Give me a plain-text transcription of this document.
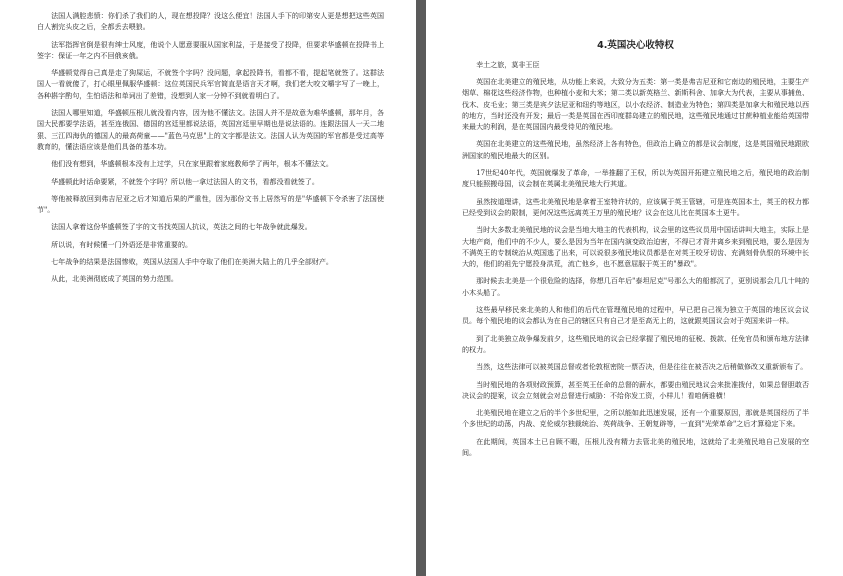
法国人满腔悲愤：你们杀了我们的人，现在想投降？没这么便宜！法国人手下的印第安人更是想把这些英国白人割完头皮之后，全都丢去喂狼。

法军指挥官倒是很有绅士风度，他说个人愿意要服从国家利益，于是接受了投降，但要求华盛顿在投降书上签字：保证一年之内不回俄亥俄。

华盛顿觉得自己真是走了狗屎运，不就签个字吗？没问题，拿起投降书，看都不看，提起笔就签了。这群法国人一看就傻了，打心眼里佩服华盛顿：这位英国民兵军官简直是语言天才啊，我们老大咬文嚼字写了一晚上，各种斟字酌句，生怕语法和单词出了差错，没想到人家一分钟不到就看明白了。

法国人哪里知道，华盛顿压根儿就没看内容，因为他不懂法文。法国人并不是故意为难华盛顿，那年月，各国大民都要学法语，甚至连俄国、德国的宫廷里都说法语，英国宫廷里早期也是说法语的。连跟法国人一天二地狠、三江四海仇的德国人的最高荷童——"蓝色马克思"上的文字都是法文。法国人认为英国的军官都是受过高等教育的，懂法语应该是他们具备的基本功。

他们没有想到，华盛顿根本没有上过学，只在家里跟着家庭教师学了两年，根本不懂法文。

华盛顿此时话命要紧，不就签个字吗？所以他一拿过法国人的文书，看都没看就签了。

等他被释放回到弗吉尼亚之后才知道后果的严重性，因为那份文书上居然写的是"华盛顿下令杀害了法国使节"。

法国人拿着这份华盛顿签了字的文书找英国人抗议，英法之间的七年战争就此爆发。

所以说，有时候懂一门外语还是非常重要的。

七年战争的结果是法国惨败，英国从法国人手中夺取了他们在美洲大陆上的几乎全部财产。

从此，北美洲彻底成了英国的势力范围。

4.英国决心收特权

幸土之旅，莫非王臣

英国在北美建立的殖民地，从功能上来说，大致分为五类：第一类是弗吉尼亚和它南边的殖民地，主要生产烟草、棉花这些经济作物，也种植小麦和大米；第二类以新英格兰、新斯科舍、加拿大为代表，主要从事捕鱼、伐木、皮毛业；第三类是宾夕法尼亚和纽约等地区，以小农经济、制造业为特色；第四类是加拿大和殖民地以西的地方，当时还没有开发；最后一类是英国在西印度群岛建立的殖民地，这些殖民地通过甘蔗种植业能给英国带来最大的利润，是在英国国内最受待见的殖民地。

英国在北美建立的这些殖民地，虽然经济上各有特色，但政治上确立的都是议会制度，这是英国殖民地跟欧洲国家的殖民地最大的区别。

17世纪40年代，英国就爆发了革命，一举推翻了王权，所以为英国开拓建立殖民地之后，殖民地的政治制度只能照搬母国，议会制在英属北美殖民地大行其道。

虽然按道理讲，这些北美殖民地是拿着王室特许状的，应该属于英王管辖，可是连英国本土，英王的权力都已经受到议会的限制，更何况这些远离英王万里的殖民地？议会在这儿比在英国本土更牛。

当时大多数北美殖民地的议会是当地大地主的代表机构，议会里的这些议员用中国话讲叫大地主，实际上是大地产商，他们中的不少人，要么是因为当年在国内演变政治迫害，不得已才背井离乡来到殖民地，要么是因为不满英王的专制统治从英国逃了出来，可以说很多殖民地议员都是在对英王咬牙切齿、充满刻骨仇恨的环境中长大的，他们的祖先宁愿投身洪荒，流亡他乡，也不愿意屈服于英王的"暴政"。

那时候去北美是一个很危险的选择，你想几百年后"泰坦尼克"号那么大的船都沉了，更别说那会几几十吨的小木头船了。

这些最早移民来北美的人和他们的后代在管理殖民地的过程中，早已把自己视为独立于英国的地区议会议员。每个殖民地的议会都认为在自己的辖区只有自己才是至高无上的，这就跟英国议会对于英国来讲一样。

到了北美独立战争爆发前夕，这些殖民地的议会已经掌握了殖民地的征税、拨款、任免官员和颁布地方法律的权力。

当然，这些法律可以被英国总督或者伦敦枢密院一票否决，但是往往在被否决之后稍做修改又重新颁布了。

当时殖民地的各项财政预算，甚至英王任命的总督的薪水，都要由殖民地议会来批准拨付，如果总督胆敢否决议会的提案，议会立刻就会对总督进行威胁：不给你发工资，小样儿！看咱俩谁横！

北美殖民地在建立之后的半个多世纪里，之所以能如此迅速发展，还有一个重要原因，那就是英国经历了半个多世纪的动荡，内战、克伦威尔独裁统治、英荷战争、王朝复辟等，一直到"光荣革命"之后才算稳定下来。

在此期间，英国本土已自顾不暇，压根儿没有精力去管北美的殖民地，这就给了北美殖民地自己发展的空间。
